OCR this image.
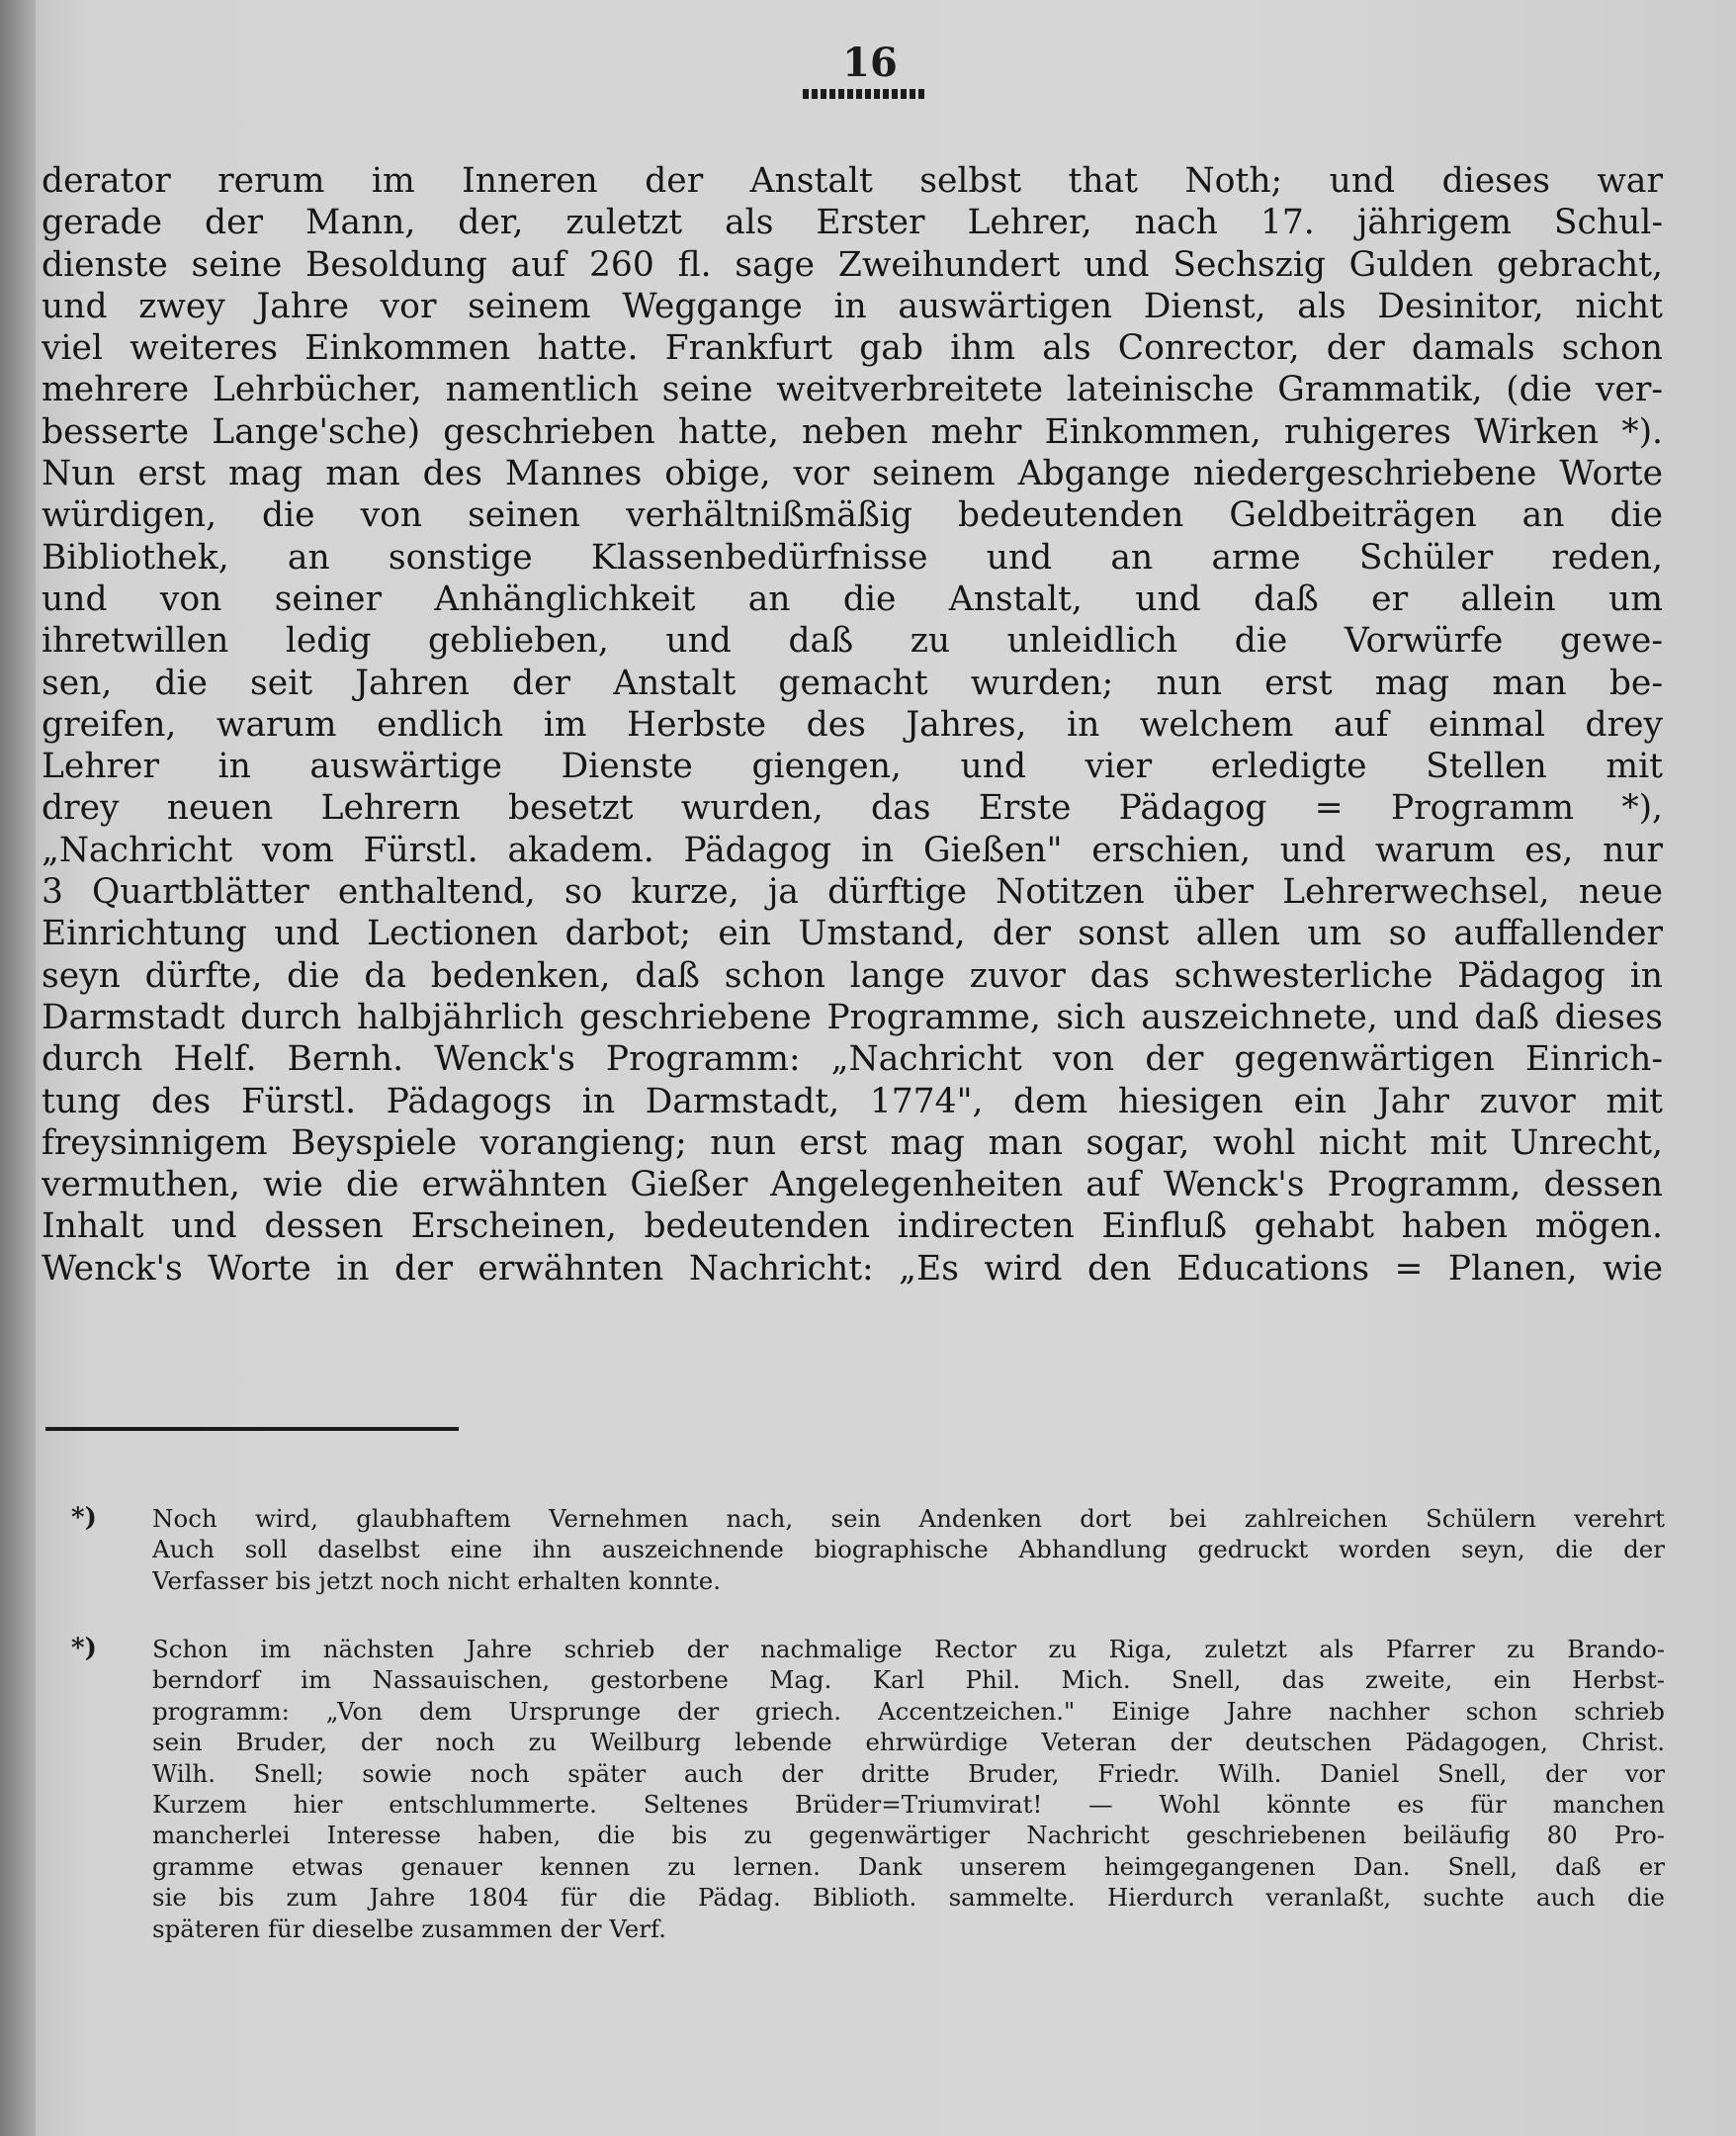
16
derator rerum im Inneren der Anstalt selbst that Noth; und dieses war
gerade der Mann, der, zuletzt als Erster Lehrer, nach 17. jährigem Schul-
dienste seine Besoldung auf 260 fl. sage Zweihundert und Sechszig Gulden gebracht,
und zwey Jahre vor seinem Weggange in auswärtigen Dienst, als Desinitor, nicht
viel weiteres Einkommen hatte. Frankfurt gab ihm als Conrector, der damals schon
mehrere Lehrbücher, namentlich seine weitverbreitete lateinische Grammatik, (die ver-
besserte Lange'sche) geschrieben hatte, neben mehr Einkommen, ruhigeres Wirken *).
Nun erst mag man des Mannes obige, vor seinem Abgange niedergeschriebene Worte
würdigen, die von seinen verhältnißmäßig bedeutenden Geldbeiträgen an die
Bibliothek, an sonstige Klassenbedürfnisse und an arme Schüler reden,
und von seiner Anhänglichkeit an die Anstalt, und daß er allein um
ihretwillen ledig geblieben, und daß zu unleidlich die Vorwürfe gewe-
sen, die seit Jahren der Anstalt gemacht wurden; nun erst mag man be-
greifen, warum endlich im Herbste des Jahres, in welchem auf einmal drey
Lehrer in auswärtige Dienste giengen, und vier erledigte Stellen mit
drey neuen Lehrern besetzt wurden, das Erste Pädagog = Programm *),
„Nachricht vom Fürstl. akadem. Pädagog in Gießen" erschien, und warum es, nur
3 Quartblätter enthaltend, so kurze, ja dürftige Notitzen über Lehrerwechsel, neue
Einrichtung und Lectionen darbot; ein Umstand, der sonst allen um so auffallender
seyn dürfte, die da bedenken, daß schon lange zuvor das schwesterliche Pädagog in
Darmstadt durch halbjährlich geschriebene Programme, sich auszeichnete, und daß dieses
durch Helf. Bernh. Wenck's Programm: „Nachricht von der gegenwärtigen Einrich-
tung des Fürstl. Pädagogs in Darmstadt, 1774", dem hiesigen ein Jahr zuvor mit
freysinnigem Beyspiele vorangieng; nun erst mag man sogar, wohl nicht mit Unrecht,
vermuthen, wie die erwähnten Gießer Angelegenheiten auf Wenck's Programm, dessen
Inhalt und dessen Erscheinen, bedeutenden indirecten Einfluß gehabt haben mögen.
Wenck's Worte in der erwähnten Nachricht: „Es wird den Educations = Planen, wie
*) Noch wird, glaubhaftem Vernehmen nach, sein Andenken dort bei zahlreichen Schülern verehrt
Auch soll daselbst eine ihn auszeichnende biographische Abhandlung gedruckt worden seyn, die der
Verfasser bis jetzt noch nicht erhalten konnte.
*) Schon im nächsten Jahre schrieb der nachmalige Rector zu Riga, zuletzt als Pfarrer zu Brando-
berndorf im Nassauischen, gestorbene Mag. Karl Phil. Mich. Snell, das zweite, ein Herbst-
programm: „Von dem Ursprunge der griech. Accentzeichen." Einige Jahre nachher schon schrieb
sein Bruder, der noch zu Weilburg lebende ehrwürdige Veteran der deutschen Pädagogen, Christ.
Wilh. Snell; sowie noch später auch der dritte Bruder, Friedr. Wilh. Daniel Snell, der vor
Kurzem hier entschlummerte. Seltenes Brüder=Triumvirat! — Wohl könnte es für manchen
mancherlei Interesse haben, die bis zu gegenwärtiger Nachricht geschriebenen beiläufig 80 Pro-
gramme etwas genauer kennen zu lernen. Dank unserem heimgegangenen Dan. Snell, daß er
sie bis zum Jahre 1804 für die Pädag. Biblioth. sammelte. Hierdurch veranlaßt, suchte auch die
späteren für dieselbe zusammen der Verf.
